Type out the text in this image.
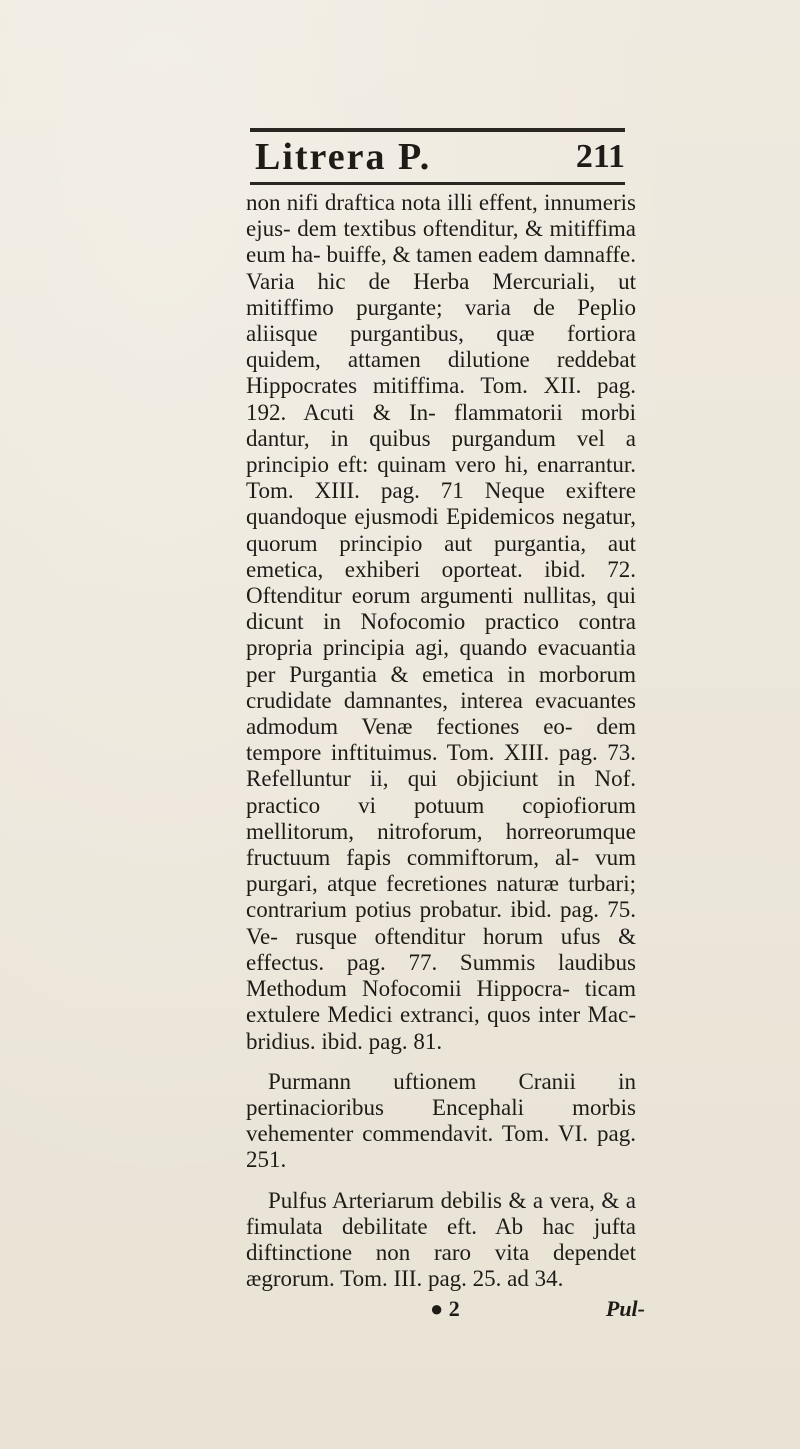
Litrera P.	211

non nifi draftica nota illi effent, innumeris ejus- dem textibus oftenditur, & mitiffima eum ha- buiffe, & tamen eadem damnaffe. Varia hic de Herba Mercuriali, ut mitiffimo purgante; varia de Peplio aliisque purgantibus, quæ fortiora quidem, attamen dilutione reddebat Hippocrates mitiffima. Tom. XII. pag. 192. Acuti & In- flammatorii morbi dantur, in quibus purgandum vel a principio eft: quinam vero hi, enarrantur. Tom. XIII. pag. 71 Neque exiftere quandoque ejusmodi Epidemicos negatur, quorum principio aut purgantia, aut emetica, exhiberi oporteat. ibid. 72. Oftenditur eorum argumenti nullitas, qui dicunt in Nofocomio practico contra propria principia agi, quando evacuantia per Purgantia & emetica in morborum crudidate damnantes, interea evacuantes admodum Venæ fectiones eo- dem tempore inftituimus. Tom. XIII. pag. 73. Refelluntur ii, qui objiciunt in Nof. practico vi potuum copiofiorum mellitorum, nitroforum, horreorumque fructuum fapis commiftorum, al- vum purgari, atque fecretiones naturæ turbari; contrarium potius probatur. ibid. pag. 75. Ve- rusque oftenditur horum ufus & effectus. pag. 77. Summis laudibus Methodum Nofocomii Hippocra- ticam extulere Medici extranci, quos inter Mac- bridius. ibid. pag. 81.

Purmann uftionem Cranii in pertinacioribus Encephali morbis vehementer commendavit. Tom. VI. pag. 251.

Pulfus Arteriarum debilis & a vera, & a fimulata debilitate eft. Ab hac jufta diftinctione non raro vita dependet ægrorum. Tom. III. pag. 25. ad 34.

● 2	Pul-
